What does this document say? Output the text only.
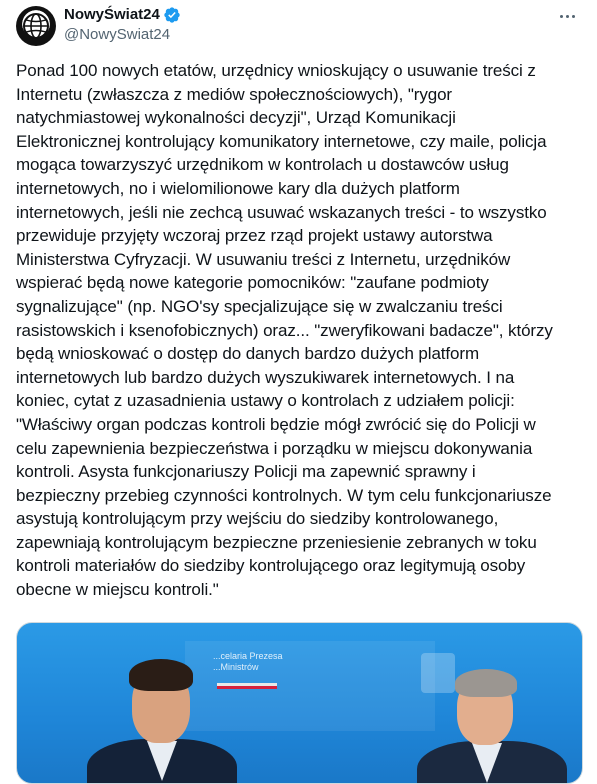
NowyŚwiat24
@NowySwiat24
Ponad 100 nowych etatów, urzędnicy wnioskujący o usuwanie treści z
Internetu (zwłaszcza z mediów społecznościowych), "rygor
natychmiastowej wykonalności decyzji", Urząd Komunikacji
Elektronicznej kontrolujący komunikatory internetowe, czy maile, policja
mogąca towarzyszyć urzędnikom w kontrolach u dostawców usług
internetowych, no i wielomilionowe kary dla dużych platform
internetowych, jeśli nie zechcą usuwać wskazanych treści - to wszystko
przewiduje przyjęty wczoraj przez rząd projekt ustawy autorstwa
Ministerstwa Cyfryzacji. W usuwaniu treści z Internetu, urzędników
wspierać będą nowe kategorie pomocników: "zaufane podmioty
sygnalizujące" (np. NGO'sy specjalizujące się w zwalczaniu treści
rasistowskich i ksenofobicznych) oraz... "zweryfikowani badacze", którzy
będą wnioskować o dostęp do danych bardzo dużych platform
internetowych lub bardzo dużych wyszukiwarek internetowych. I na
koniec, cytat z uzasadnienia ustawy o kontrolach z udziałem policji:
"Właściwy organ podczas kontroli będzie mógł zwrócić się do Policji w
celu zapewnienia bezpieczeństwa i porządku w miejscu dokonywania
kontroli. Asysta funkcjonariuszy Policji ma zapewnić sprawny i
bezpieczny przebieg czynności kontrolnych. W tym celu funkcjonariusze
asystują kontrolującym przy wejściu do siedziby kontrolowanego,
zapewniają kontrolującym bezpieczne przeniesienie zebranych w toku
kontroli materiałów do siedziby kontrolującego oraz legitymują osoby
obecne w miejscu kontroli."
...celaria Prezesa
...Ministrów
